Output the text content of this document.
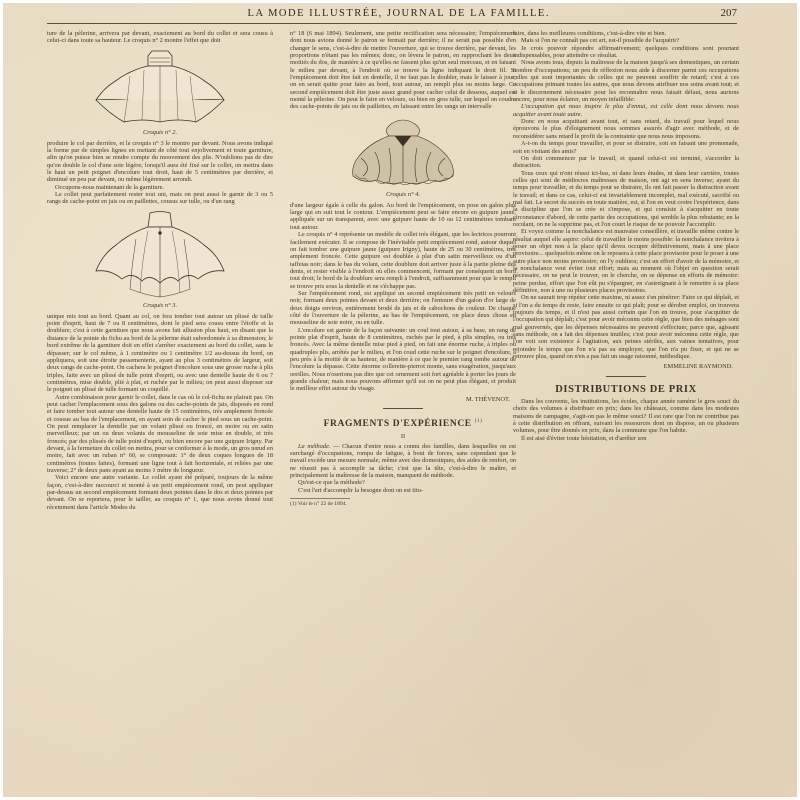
LA MODE ILLUSTRÉE, JOURNAL DE LA FAMILLE.	207

ture de la pèlerine, arrivera par devant, exactement au bord du collet et sera cousu à celui-ci dans toute sa hauteur. Le croquis n° 2 montre l'effet que doit

Croquis n° 2.

produire le col par derrière, et le croquis n° 3 le montre par devant. Nous avons indiqué la forme par de simples lignes en mettant de côté tout enjolivement et toute garniture, afin qu'on puisse bien se rendre compte du mouvement des plis. N'oublions pas de dire qu'on double le col d'une soie légère; lorsqu'il aura été fixé sur le collet, on mettra dans le haut un petit poignet d'encolure tout droit, haut de 5 centimètres par derrière, et diminué un peu par devant, ou même légèrement arrondi.

Occupons-nous maintenant de la garniture.

Le collet peut parfaitement rester tout uni, mais on peut aussi le garnir de 3 ou 5 rangs de cache-point en jais ou en paillettes, cousus sur tulle, ou d'un rang

Croquis n° 3.

unique mis tout au bord. Quant au col, on fera tomber tout autour un plissé de taille point d'esprit, haut de 7 ou 8 centimètres, dont le pied sera cousu entre l'étoffe et la doublure; c'est à cette garniture que nous avons fait allusion plus haut, en disant que la distance de la pointe du fichu au bord de la pèlerine était subordonnée à sa dimension; le bord extrême de la garniture doit en effet s'arrêter exactement au bord du collet, sans le dépasser; sur le col même, à 1 centimètre ou 1 centimètre 1/2 au-dessus du bord, on appliquera, soit une étroite passementerie, ayant au plus 3 centimètres de largeur, soit deux rangs de cache-point. On cachera le poignet d'encolure sous une grosse ruche à plis triples, faite avec un plissé de tulle point d'esprit, ou avec une dentelle haute de 6 ou 7 centimètres, mise double, plié à plat, et ruchée par le milieu; on peut aussi disposer sur le poignet un plissé de tulle formant un coquillé.

Autre combinaison pour garnir le collet, dans le cas où le col-fichu ne plairait pas. On peut cacher l'emplacement sous des galons ou des cache-points de jais, disposés en rond et faire tomber tout autour une dentelle haute de 15 centimètres, très amplement froncée et cousue au bas de l'emplacement, en ayant soin de cacher le pied sous un cache-point. On peut remplacer la dentelle par un volant plissé ou froncé, en moire ou en satin merveilleux; par un ou deux volants de mousseline de soie mise en double, et très froncés; par des plissés de tulle point d'esprit, ou bien encore par une guipure Irigny. Par devant, à la fermeture du collet on mettra, pour se conformer à la mode, un gros nœud en moire, fait avec un ruban n° 60, se composant: 1° de deux coques longues de 18 centimètres (toutes faites), formant une ligne tout à fait horizontale, et reliées par une traverse; 2° de deux pans ayant au moins 1 mètre de longueur.

Voici encore une autre variante. Le collet ayant été préparé, toujours de la même façon, c'est-à-dire raccourci et monté à un petit empiècement rond, on peut appliquer par-dessus un second empiècement formant deux pointes dans le dos et deux pointes par devant. On se reportera, pour le tailler, au croquis n° 1, que nous avons donné tout récemment dans l'article Modes du

n° 18 (6 mai 1894). Seulement, une petite rectification sera nécessaire; l'empiècement dont nous avions donné le patron se fermait par derrière; il ne serait pas possible d'en changer le sens, c'est-à-dire de mettre l'ouverture, qui se trouve derrière, par devant, les proportions n'étant pas les mêmes; donc, on lèvera le patron, en rapprochant les deux moitiés du dos, de manière à ce qu'elles ne fassent plus qu'un seul morceau, et en faisant le milieu par devant, à l'endroit où se trouve la ligne indiquant le droit fil. Si l'empiècement doit être fait en dentelle, il ne faut pas le doubler, mais le laisser à jour; on en serait quitte pour faire au bord, tout autour, un rempli plus ou moins large. Ce second empiècement doit être juste assez grand pour cacher celui de dessous, auquel est monté la pèlerine. On peut le faire en velours, ou bien en gros tulle, sur lequel on coudra des cache-points de jais ou de paillettes, en laissant entre les rangs un intervalle

Croquis n° 4.

d'une largeur égale à celle du galon. Au bord de l'empiècement, on pose un galon plus large qui en suit tout le contour. L'empiècement peut se faire encore en guipure jaune, appliquée sur un transparent, avec une guipure haute de 10 ou 12 centimètres tombant tout autour.

Le croquis n° 4 représente un modèle de collet très élégant, que les lectrices pourront facilement exécuter. Il se compose de l'inévitable petit empiècement rond, autour duquel on fait tomber une guipure jaune (guipure Irigny), haute de 25 ou 30 centimètres, très amplement froncée. Cette guipure est doublée à plat d'un satin merveilleux ou d'un taffetas noir; dans le bas du volant, cette doublure doit arriver juste à la partie pleine des dents, et rester visible à l'endroit où elles commencent, formant par conséquent un bord tout droit; le bord de la doublure sera rempli à l'endroit, suffisamment pour que le rempli se trouve pris sous la dentelle et ne s'échappe pas.

Sur l'empiècement rond, est appliqué un second empiècement très petit en velours noir, formant deux pointes devant et deux derrière; on l'entoure d'un galon d'or large de deux doigts environ, entièrement brodé de jais et de cabochons de couleur. De chaque côté de l'ouverture de la pèlerine, au bas de l'empiècement, on place deux chous en mousseline de soie noire, ou en tulle.

L'encolure est garnie de la façon suivante: un coul tout autour, à sa base, un rang de pointe plat d'esprit, haute de 8 centimètres, ruchés par le pied, à plis simples, ou très froncés. Avec la même dentelle mise pied à pied, on fait une énorme ruche, à triples ou quadruples plis, arrêtés par le milieu, et l'on coud cette ruche sur le poignet d'encolure, à peu près à la moitié de sa hauteur, de manière à ce que le premier rang tombe autour de l'encolure la dépasse. Cette énorme collerette-pierrot monte, sans exagération, jusqu'aux oreilles. Nous n'oserions pas dire que cet ornement soit fort agréable à porter les jours de grande chaleur; mais nous pouvons affirmer qu'il est on ne peut plus élégant, et produit le meilleur effet autour du visage.

M. THÉVENOT.
FRAGMENTS D'EXPÉRIENCE $^{(1)}$
II

La méthode. — Chacun d'entre nous a connu des familles, dans lesquelles on est surchargé d'occupations, rompu de fatigue, à bout de forces, sans cependant que le travail excède une mesure normale; même avec des domestiques, des aides de renfort, on ne réussit pas à accomplir sa tâche; c'est que la tête, c'est-à-dire le maître, et principalement la maîtresse de la maison, manquent de méthode.

Qu'est-ce que la méthode?

C'est l'art d'accomplir la besogne dont on est titu-

(1) Voir le n° 22 de 1894.

laire, dans les meilleures conditions, c'est-à-dire vite et bien.

Mais si l'on ne connaît pas cet art, est-il possible de l'acquérir?

Je crois pouvoir répondre affirmativement; quelques conditions sont pourtant indispensables, pour atteindre ce résultat.

Nous avons tous, depuis la maîtresse de la maison jusqu'à ses domestiques, un certain nombre d'occupations; un peu de réflexion nous aide à discerner parmi ces occupations celles qui sont importantes de celles qui ne peuvent souffrir de retard; c'est à ces occupations primant toutes les autres, que nous devons attribuer nos soins avant tout; et si le discernement nécessaire pour les reconnaître nous faisait défaut, nous aurions encore, pour nous éclairer, un moyen infaillible:

L'occupation qui nous inspire le plus d'ennui, est celle dont nous devons nous acquitter avant toute autre.

Donc en nous acquittant avant tout, et sans retard, du travail pour lequel nous éprouvons le plus d'éloignement nous sommes assurés d'agir avec méthode, et de reconsidérer sans retard le profit de la contrainte que nous nous imposons.

A-t-on du temps pour travailler, et pour se distraire, soit en faisant une promenade, soit en visitant des amis?

On doit commencer par le travail, et quand celui-ci est terminé, s'accorder la distraction.

Tous ceux qui n'ont réussi ici-bas, ni dans leurs études, ni dans leur carrière, toutes celles qui sont de médiocres maîtresses de maison, ont agi en sens inverse; ayant du temps pour travailler, et du temps pour se distraire, ils ont fait passer la distraction avant le travail; et dans ce cas, celui-ci est invariablement incomplet, mal exécuté, sacrifié ou mal fait. Le secret du succès en toute matière, est, si l'on en veut croire l'expérience, dans la discipline que l'on se crée et s'impose, et qui consiste à s'acquitter en toute circonstance d'abord, de cette partie des occupations, qui semble la plus rebutante; en la reculant, on ne la supprime pas, et l'on court le risque de ne pouvoir l'accomplir.

Et voyez comme la nonchalance est mauvaise conseillère, et travaille même contre le résultat auquel elle aspire: celui de travailler le moins possible: la nonchalance invitera à poser un objet non à la place qu'il devra occuper définitivement, mais à une place provisoire... quelquefois même on le reposera à cette place provisoire pour le poser à une autre place non moins provisoire; on l'y oubliera; c'est un effort d'avoir de la mémoire, et la nonchalance veut éviter tout effort; mais au moment où l'objet en question serait nécessaire, on ne peut le trouver, on le cherche, on se dépense en efforts de mémoire: peine perdue, effort que l'on eût pu s'épargner, en s'astreignant à le remettre à sa place définitive, non à une ou plusieurs places provisoires.

On ne saurait trop répéter cette maxime, ni assez s'en pénétrer: Faire ce qui déplaît, et si l'on a du temps de reste, faire ensuite ce qui plaît; pour se dérober emploi, on trouvera toujours du temps, et il n'est pas aussi certain que l'on en trouve, pour s'acquitter de l'occupation qui déplaît; c'est pour avoir méconnu cette règle, que bien des ménages sont mal gouvernés, que les dépenses nécessaires ne peuvent s'effectuer, parce que, agissant sans méthode, on a fait des dépenses inutiles; c'est pour avoir méconnu cette règle, que l'on voit son existence à l'agitation, aux peines stériles, aux vaines tentatives, pour rejoindre le temps que l'on n'a pas su employer, que l'on n'a pu fixer, et qui ne se retrouve plus, quand on n'en a pas fait un usage raisonné, méthodique.

EMMELINE RAYMOND.
DISTRIBUTIONS DE PRIX

Dans les couvents, les institutions, les écoles, chaque année ramène le gros souci du choix des volumes à distribuer en prix; dans les châteaux, comme dans les modestes maisons de campagne, s'agit-on pas le même souci? Il est rare que l'on ne contribue pas à cette distribution en offrant, suivant les ressources dont on dispose, un ou plusieurs volumes, pour être donnés en prix, dans la commune que l'on habite.

Il est aisé d'éviter toute hésitation, et d'arrêter son
